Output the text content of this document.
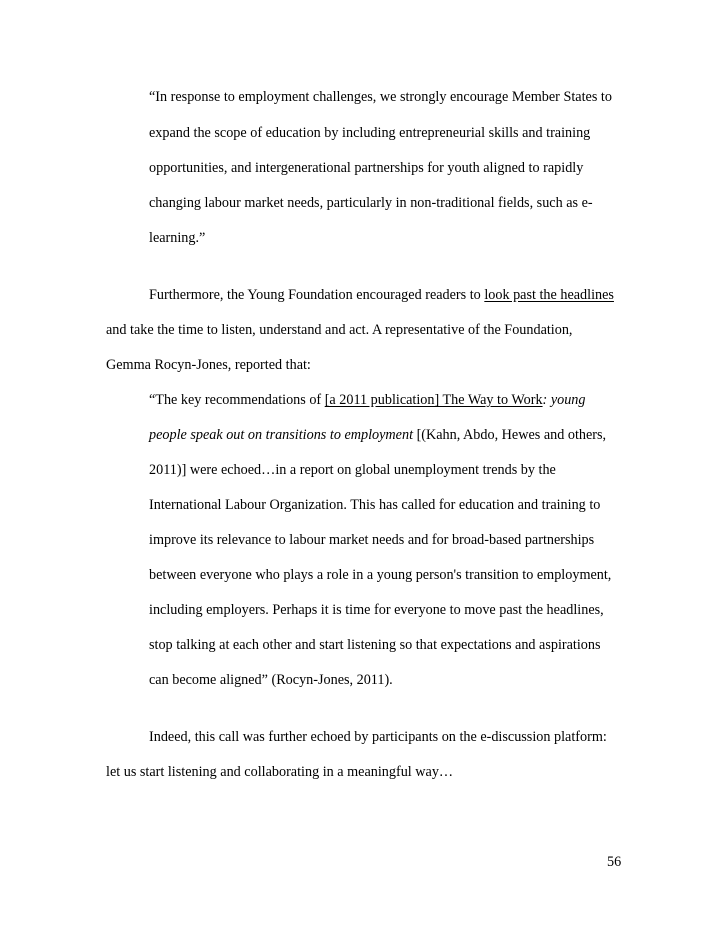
“In response to employment challenges, we strongly encourage Member States to
expand the scope of education by including entrepreneurial skills and training
opportunities, and intergenerational partnerships for youth aligned to rapidly
changing labour market needs, particularly in non-traditional fields, such as e-
learning.”
Furthermore, the Young Foundation encouraged readers to look past the headlines
and take the time to listen, understand and act. A representative of the Foundation,
Gemma Rocyn-Jones, reported that:
“The key recommendations of [a 2011 publication] The Way to Work: young
people speak out on transitions to employment [(Kahn, Abdo, Hewes and others,
2011)] were echoed…in a report on global unemployment trends by the
International Labour Organization. This has called for education and training to
improve its relevance to labour market needs and for broad-based partnerships
between everyone who plays a role in a young person's transition to employment,
including employers. Perhaps it is time for everyone to move past the headlines,
stop talking at each other and start listening so that expectations and aspirations
can become aligned” (Rocyn-Jones, 2011).
Indeed, this call was further echoed by participants on the e-discussion platform:
let us start listening and collaborating in a meaningful way…
56
